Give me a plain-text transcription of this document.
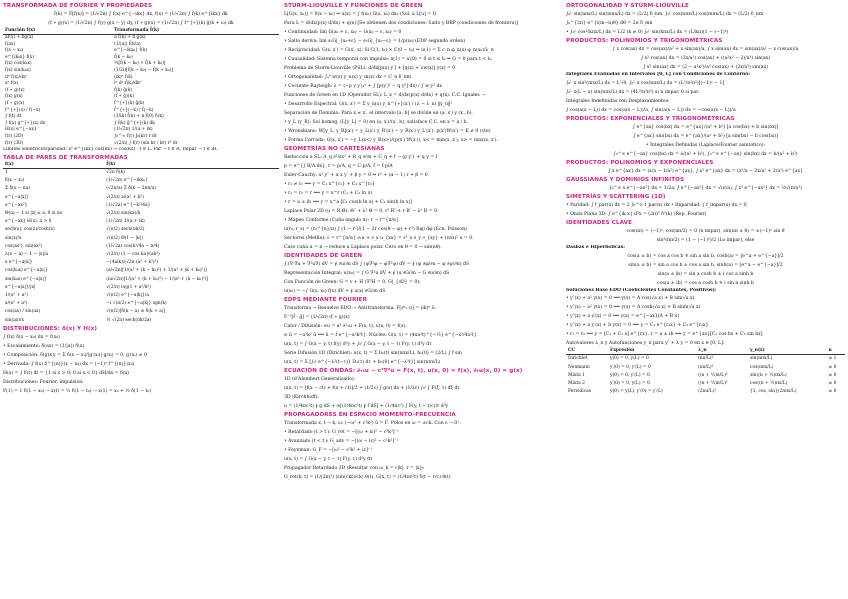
TRANSFORMADA DE FOURIER Y PROPIEDADES
f(k) = F[f(x)] = (1/√2π) ∫ f(x) e^{−ikx} dx, f(x) = (1/√2π) ∫ f̂(k) e^{ikx} dk
(f ∗ g)(x) = (1/√2π) ∫ f(y) g(x − y) dy, (f ∗ g)(x) = (1/√2π) ∫ f^{∗}(k) ĝ(k + ω) dk
Función f(x)	Transformada f̂(k)
af(x) + bg(x)	a f̂(k) + b ĝ(k)
f(ax)	(1/|a|) f̂(k/a)
f(x − x₀)	e^{−ikx₀} f̂(k)
e^{ik₀x} f(x)	f̂(k − k₀)
f(x) cos(k₀x)	½[f̂(k − k₀) + f̂(k + k₀)]
f(x) sin(k₀x)	(1/2i)[f̂(k − k₀) − f̂(k + k₀)]
dⁿ f(x)/dxⁿ	(ik)ⁿ f̂(k)
xⁿ f(x)	iⁿ dⁿ f̂(k)/dkⁿ
(f ∗ g)(x)	f̂(k) ĝ(k)
f(x) g(x)	(f̂ ∗ ĝ)(k)
(f ⋆ g)(x)	f̂^{∗}(k) ĝ(k)
f^{∗}(x) / f(−x)	f̂^{∗}(−k) / f̂(−k)
∫ f(t) dt	(1/ik) f̂(k) + π f̂(0) δ(k)
∫ f(x) g^{∗}(x) dx	∫ f̂(k) ĝ^{∗}(k) dk
H(x) e^{−ax}	(1/√2π) 1/(a + ik)
f(r) (2D)	∫₀^∞ f(r) J₀(kr) r dr
f(r) (3D)	√(2/π) ∫ f(r) (sin kr / kr) r² dr
Límites simétricos/paridad: xⁿ e^{ikx} cos(kx) ↔ cos(kx) · f ∈ L. Par → f̂ ∈ R, Impar → f̂ ∈ iR.
TABLA DE PARES DE TRANSFORMADAS
f(x)	f̂(k)
1	√2π δ(k)
δ(x − x₀)	(1/√2π) e^{−ikx₀}
Σ δ(x − na)	(√2π/a) Σ δ(k − 2πn/a)
e^{−a|x|}	√(2/π) a/(a² + k²)
e^{−ax²}	(1/√2a) e^{−k²/4a}
Θ(a) − 1 si |x| ≤ a, 0 si no	√(2/π) sin(ka)/k
e^{−ax} H(x), a > 0	(1/√2π) 1/(a + ik)
sech(x), cos(x)/cosh(x)	√(π/2) sech(πk/2)
sin(x)/x	√(π/2) Θ(1 − |k|)
cos(ax²), sin(ax²)	(1/√2a) cos(k²/4a − π/4)
λ(x − a) − 1 − |x|/a	√(2/π) (1 − cos ka)/(ak²)
x e^{−a|x|}	−(4aik)/(√2π (a² + k²)²)
cos(k₀x) e^{−a|x|}	(a/√2π)[1/(a² + (k − k₀)²) + 1/(a² + (k + k₀)²)]
sin(k₀x) e^{−a|x|}	(ia/√2π)[1/(a² + (k + k₀)²) − 1/(a² + (k − k₀)²)]
e^{−a|x|}/|x|	√(2/π) log(1 + a²/k²)
1/(x² + a²)	√(π/2) e^{−a|k|}/a
x/(x² + a²)	−i √(π/2) e^{−a|k|} sgn(k)
cos(ax) / sin(ax)	√(π/2)[δ(k − a) ± δ(k + a)]
sin(ax)/x	½ √(2π) sech(πk/2a)
DISTRIBUCIONES: δ(x) Y H(x)
∫ f(x) δ(x − x₀) dx = f(x₀)
• Escalamiento: δ(ax) = (1/|a|) δ(x)
• Composición: δ(g(x)) = Σ δ(x − xᵢ)/|g′(xᵢ)| g(xᵢ) = 0, g′(xᵢ) ≠ 0
• Derivada: ∫ f(x) δ^{(n)}(x − x₀) dx = (−1)ⁿ f^{(n)}(x₀)
H(x) = ∫ δ(t) dt = {1 si x > 0; 0 si x < 0} dH/dx = δ(x)
Distribuciones: Fourier, impulsión:
F(1) = 1 δ(1 − x₀) → x(t) = ½ δ(1 − t₀) → x(1) = x₀ + ½ δ(1 − t₀)
STURM-LIOUVILLE Y FUNCIONES DE GREEN
L[G(x, x₀)] = δ(x − x₀) ⇒ u(x) = ∫ f(x₀) G(x, x₀) dx₀ (Sol. a L[u] = f)
Para L = d/dx(p(x) d/dx) + q(x) [Se obtienen dos condiciones: Salto y BRP (condiciones de frontera)]
• Continuidad: lim G(x₀ + ε, x₀) − G(x₀ − ε, x₀) = 0
• Salto deriva: lim ∂ₓG|_{x₀+ε} − ∂ₓG|_{x₀−ε} = 1/p(x₀) (EDP segundo orden)
• Reciprocidad: G(x, x′) = G(x′, x). Si C(1, t₀) × C(0 − t₀) ⇒ u(1) = Σ c_n φ_n(x) φ_n(x₀)/λ_n
• Causalidad: Sistema temporal con impulso: x(1) = x′(0) = 0 si t ≤ t₀ ⇒ G = 0 para t < t₀
Problema de Sturm-Liouville (PSL): d/dx[p(x) y′] + [q(x) + λw(x)] y(x) = 0
• Ortogonalidad: ∫ₐᵇ w(x) y_n(x) y_m(x) dx = C_n δ_nm
• Cociente Rayleigh: λ = (−p y y′|ₐᵇ + ∫ [p(y′)² − q y²] dx) / ∫ w y² dx
Funciones de Green en 1D (Operador SL): L_x = d/dx(p(x) d/dx) + q(x). C.C. Iguales →
• Desarrollo Espectral: G(x, x′) = Σ y_n(x) y_n^{∗}(x′) / (λ − λ_n) ‖y_n‖²
Separación de Dominio: Para x ≠ x′, el intervalo [a, b] se divide en (a, x′) y (x′, b).
• y_L (y_R): Sol homog. (L[y_L] = 0) en (a, x′)/(x′, b), satisface C.C. en x = a / b.
• Wronskiano: W[y_L, y_R](x′) = y_L(x′) y_R′(x′) − y_R(x′) y_L′(x′). p(x′)W(x′) = K ≠ 0 (cte)
• Forma Cerrada: G(x, x′) = −y_L(x<) y_R(x>)/(p(x′) W(x′)), x< = min(x, x′), x> = max(x, x′).
GEOMETRÍAS NO CARTESIANAS
Reducción a SL: A_q ∂²/∂x² + B_q ∂/∂x + C_q + f → (p y′)′ + q y = f
p = e^{∫ B/A dx}, r = p/A, q = C·p/A, f̃ = f·p/A
Euler-Cauchy: x² y″ + α x y′ + β y = 0 ⇒ r² + (α − 1) r + β = 0
• r₁ ≠ r₂ ⟹ y = C₁ x^{r₁} + C₂ x^{r₂}
• r₁ = r₂ = r ⟹ y = x^r (C₁ + C₂ ln x)
• r = a ± ib ⟹ y = x^a [C₁ cos(b ln x) + C₂ sin(b ln x)]
Laplace Polar 2D (u = R Θ): Θ″ + λ² Θ = 0, r² R″ + r R′ − λ² R = 0.
• Mapeo Conforme (Cuña ángulo α): r → r^{π/α}
u(r₀, r_s) = (r₀^{n}/π) ∫ (1 − r²)/(1 − 2r cos(θ − φ) + r²) f(φ) dφ (Ecn. Poisson)
Sectores (Mellin): ε = r^{π/α} ∂ₓu + ∂_x u_{xx} = ∂²_x ∂_y ∂_{xy} + (π/α)² u = 0.
Caso cuña α = π → reduce a Laplace polar. Cero en θ = 0 → sin(nθ).
IDENTIDADES DE GREEN
∫ (∇·∇u + ∇²u∇) dV = ∮ ∂u/∂n dS ∫ (ψ∇²φ − φ∇²ψ) dV = ∮ (ψ ∂φ/∂n − φ ∂ψ/∂n) dS
Representación Integral: u(x₀) = ∫ G ∇²u dV + ∮ (u ∂G/∂n − G ∂u/∂n) dS
Con Función de Green: G = v + H (∇²H = 0, G|_{∂D} = 0):
u(x₀) = −∫ G(x, x₀) f(x) dV + ∮ u(x) ∂G/∂n dS
EDPS MEDIANTE FOURIER
Transforma → Resuelve EDO → Antitransforma. F[∂ⁿₓ u] = (ik)ⁿ û.
F⁻¹[f̂ · ĝ] = (1/√2π) (f ∗ g)(x)
Calor / Difusión: ∂ₜu = a² ∂²ₓu + F(x, t), u(x, 0) = f(x).
∂ₜ û = −a²k² û ⟹ û = f̂ e^{−a²k²t}. Núcleo: G(x, t) = (4πa²t)^{−½} e^{−x²/4a²t}
u(x, t) = ∫ G(x − y, t) f(y) d³y + ∫₀ᵗ ∫ G(x − y, t − τ) F(y, τ) d³y dτ
Serie Difusión 1D (Dirichlet): u(x, t) = Σ bₙ(t) sin(nπx/L), bₙ(0) = (2/L) ∫ f sin
u(x, t) = Σ [∫₀ᵗ e^{−λ²(t−τ)} Dₙ(τ) dτ + bₙ(0) e^{−λ²t}] sin(nπx/L)
ECUACIÓN DE ONDAS: ∂ₜₜu − c²∇²u = F(x, t), u(x, 0) = f(x), ∂ₜu(x, 0) = g(x)
1D (d'Alembert Generalizado):
u(x, t) = [f(x − ct) + f(x + ct)]/2 + (1/2c) ∫ g(s) ds + (1/2c) ∫₀ᵗ ∫ F(ξ, τ) dξ dτ
3D (Kirchhoff):
u = (1/4πc²t) ∮ g dS + ∂ₜ[(1/4πc²t) ∮ f dS] + (1/4πc²) ∫ F(y, t − r/c)/r d³y
PROPAGADORES EN ESPACIO MOMENTO-FRECUENCIA
Transformada x, t → k, ω: (−ω² + c²k²) û = F̂. Polos en ω = ±ck. Con ε → 0⁺.
• Retardado (t > t′): G_ret = −[(ω + iε)² − c²k²]⁻¹
• Avanzado (t < t′): G_adv = −[(ω − iε)² − c²k²]⁻¹
• Feynman: G_F = −[ω² − c²k² + iε]⁻¹
u(x, t) = ∫ G(x − y, t − τ) F(y, τ) d³y dτ
Propagador Retardado 3D (Resultar con ω_k = c|k|, r = |x|):
G_ret(k, t) = (1/(2π)³) (sin(ckt)/ck) θ(t), G(x, t) = (1/4πc²r) δ(t − r/c) θ(t)
ORTOGONALIDAD Y STURM-LIOUVILLE
∫₀ᴸ sin(nπx/L) sin(mπx/L) dx = (L/2) δ_nm, ∫₀ᴸ cos(nπx/L) cos(mπx/L) dx = (L/2) δ_nm
∫₀^{2π} e^{i(m−n)θ} dθ = 2π δ_mn
• ∫₀ᴸ cos²(kπx/L) dx = L/2 (k ≠ 0) ∫₀ᴸ sin(kπx/L) dx = (L/kπ)(1 − (−1)ᵏ)
PRODUCTOS: POLINOMIOS Y TRIGONOMÉTRICAS
∫ x cos(ax) dx = cos(ax)/a² + x sin(ax)/a, ∫ x sin(ax) dx = sin(ax)/a² − x cos(ax)/a
∫ x² cos(ax) dx = (2x/a²) cos(ax) + ((a²x² − 2)/a³) sin(ax)
∫ x² sin(ax) dx = (2 − a²x²)/a³ cos(ax) + (2x/a²) sin(ax)
Integrales Evaluadas en Intervalos [0, L] con Condiciones de Contorno:
∫₀ᴸ x sin²(nπx/L) dx = L²/4, ∫₀ᴸ x cos(nπx/L) dx = (L²/n²π²)[(−1)ⁿ − 1]
∫₀ᴸ x(L − x) sin(nπx/L) dx = (4L³/n³π³) si n impar, 0 si par
Integrales Indefinidas con Desplazamientos:
∫ cos(a(x − L)) dx = cos(a(x − L))/a, ∫ sin(a(x − L)) dx = −cos(a(x − L))/a
PRODUCTOS: EXPONENCIALES Y TRIGONOMÉTRICAS
∫ e^{ax} cos(bx) dx = e^{ax}/(a² + b²) [a cos(bx) + b sin(bx)]
∫ e^{ax} sin(bx) dx = e^{ax}/(a² + b²) [a sin(bx) − b cos(bx)]
• Integrales Definidas (Laplace/Fourier asintótico):
∫₀^∞ e^{−ax} cos(bx) dx = a/(a² + b²), ∫₀^∞ e^{−ax} sin(bx) dx = b/(a² + b²)
PRODUCTOS: POLINOMIOS Y EXPONENCIALES
∫ x e^{ax} dx = (x/a − 1/a²) e^{ax}, ∫ x² e^{ax} dx = (x²/a − 2x/a² + 2/a³) e^{ax}
GAUSSIANAS Y DOMINIOS INFINITOS
∫₀^∞ x e^{−ax²} dx = 1/2a, ∫ e^{−ax²} dx = √(π/a), ∫ x² e^{−ax²} dx = ½√(π/a³)
SIMETRÍAS Y SCATTERING (1D)
• Paridad: ∫ f_par(x) dx = 2 ∫₀^∞ f_par(x) dx • Imparidad: ∫ f_impar(x) dx = 0
• Onda Plana 3D: ∫ e^{ik·x} d³x = (2π)³ δ³(k) (Rep. Fourier)
IDENTIDADES CLAVE
cos(nπ) = (−1)ⁿ, cos(nπ/2) = 0 (n impar), sin(nπ ± θ) = ±(−1)ⁿ sin θ
sin²(nπ/2) = (1 − (−1)ⁿ)/2 (Lo impar), else
Dasbas e Hiperbólicas:
cos(a ± b) = cos a cos b ∓ sin a sin b, cosh(a) = [e^a + e^{−a}]/2
sin(a ± b) = sin a cos b ± cos a sin b, sinh(a) = [e^a − e^{−a}]/2
sin(a ± ib) = sin a cosh b ± i cos a sinh b
cos(a ± ib) = cos a cosh b ∓ i sin a sinh b
Soluciones Base EDO (Coeficientes Constantes, Positivos):
• y″(x) + a² y(x) = 0 ⟹ y(x) = A cos(√a x) + B sin(√a x)
• y″(x) − a² y(x) = 0 ⟹ y(x) = A cosh(√a x) + B sinh(√a x)
• y″(x) + a y′(x) = 0 ⟹ y(x) = e^{−ax}(A + B x)
• y″(x) + a y′(x) + b y(x) = 0 ⟹ y = C₁ e^{r₁x} + C₂ e^{r₂x}
• r₁ = r₂ ⟹ y = [C₁ + C₂ x] e^{rx}, r = a ± ib ⟹ y = e^{ax}[C₁ cos bx + C₂ sin bx]
Autovalores λ_n y Autofunciones y_n para y″ + λ y = 0 en x ∈ [0, L]:
CC	Expresión	λ_n	y_n(x)	n
Dirichlet	y(0) = 0, y(L) = 0	(nπ/L)²	sin(nπx/L)	≥ 1
Neumann	y′(0) = 0, y′(L) = 0	(nπ/L)²	cos(nπx/L)	≥ 0
Mixta 1	y(0) = 0, y′(L) = 0	((n + ½)π/L)²	sin((n + ½)πx/L)	≥ 0
Mixta 2	y′(0) = 0, y(L) = 0	((n + ½)π/L)²	cos((n + ½)πx/L)	≥ 0
Periódicas	y(0) = y(L), y′(0) = y′(L)	(2nπ/L)²	{1, cos, sin}(2nπx/L)	≥ 0
